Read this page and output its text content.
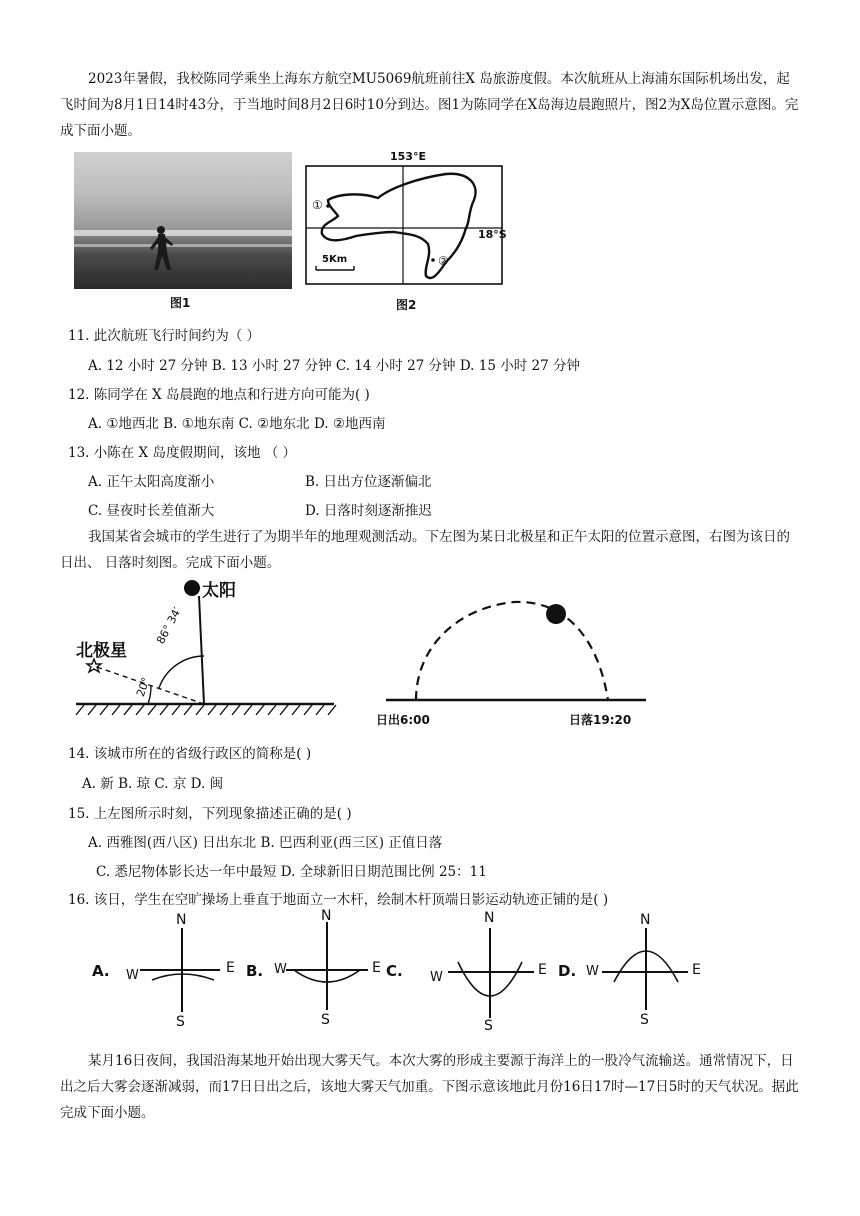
2023年暑假，我校陈同学乘坐上海东方航空MU5069航班前往X 岛旅游度假。本次航班从上海浦东国际机场出发，起飞时间为8月1日14时43分，于当地时间8月2日6时10分到达。图1为陈同学在X岛海边晨跑照片，图2为X岛位置示意图。完成下面小题。

图1
153°E
18°S
5Km
①
②
图2
11. 此次航班飞行时间约为（ ）
A. 12 小时 27 分钟 B. 13 小时 27 分钟 C. 14 小时 27 分钟 D. 15 小时 27 分钟
12. 陈同学在 X 岛晨跑的地点和行进方向可能为( )
A. ①地西北 B. ①地东南 C. ②地东北 D. ②地西南
13. 小陈在 X 岛度假期间，该地 （ ）
A. 正午太阳高度渐小	B. 日出方位逐渐偏北
C. 昼夜时长差值渐大	D. 日落时刻逐渐推迟

我国某省会城市的学生进行了为期半年的地理观测活动。下左图为某日北极星和正午太阳的位置示意图，右图为该日的日出、 日落时刻图。完成下面小题。

太阳
北极星
86° 34′
20°
日出6:00	日落19:20
14. 该城市所在的省级行政区的简称是( )
A. 新 B. 琼 C. 京 D. 闽
15. 上左图所示时刻，下列现象描述正确的是( )
A. 西雅图(西八区) 日出东北 B. 巴西利亚(西三区) 正值日落
C. 悉尼物体影长达一年中最短 D. 全球新旧日期范围比例 25：11
16. 该日，学生在空旷操场上垂直于地面立一木杆，绘制木杆顶端日影运动轨迹正铺的是( )
A.
N
S
W	E B.
N
S
W	E C.
N
S
W	E D.
N
S
W	E

某月16日夜间，我国沿海某地开始出现大雾天气。本次大雾的形成主要源于海洋上的一股冷气流输送。通常情况下，日出之后大雾会逐渐减弱，而17日日出之后，该地大雾天气加重。下图示意该地此月份16日17时—17日5时的天气状况。据此完成下面小题。
